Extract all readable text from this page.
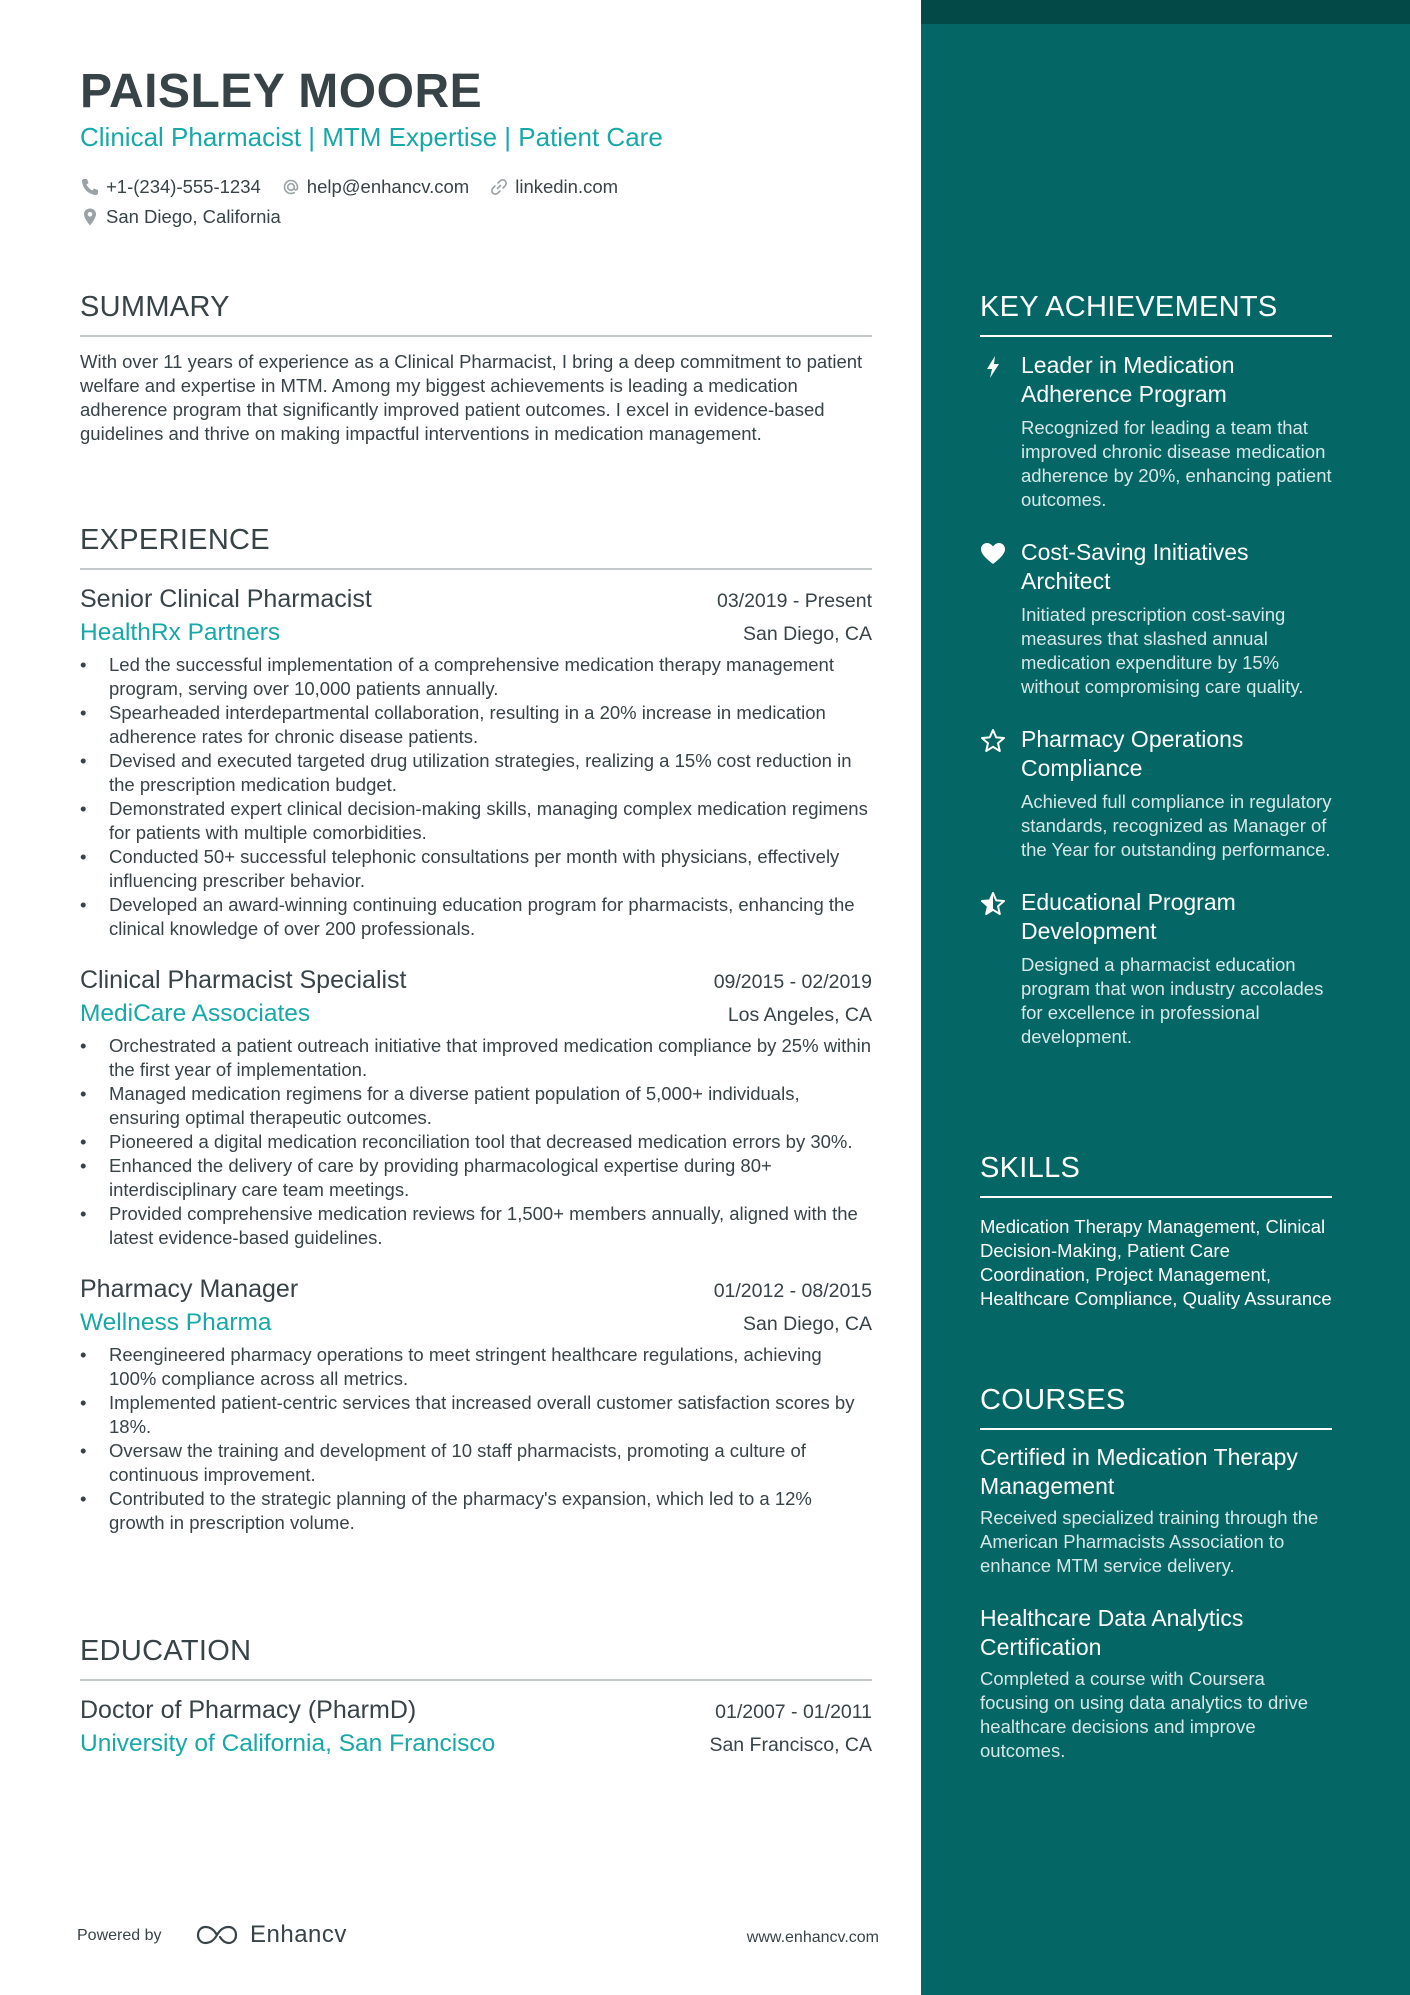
KEY ACHIEVEMENTS
Leader in Medication Adherence Program
Recognized for leading a team that improved chronic disease medication adherence by 20%, enhancing patient outcomes.
Cost-Saving Initiatives Architect
Initiated prescription cost-saving measures that slashed annual medication expenditure by 15% without compromising care quality.
Pharmacy Operations Compliance
Achieved full compliance in regulatory standards, recognized as Manager of the Year for outstanding performance.
Educational Program Development
Designed a pharmacist education program that won industry accolades for excellence in professional development.
SKILLS
Medication Therapy Management, Clinical Decision-Making, Patient Care Coordination, Project Management, Healthcare Compliance, Quality Assurance
COURSES
Certified in Medication Therapy Management
Received specialized training through the American Pharmacists Association to enhance MTM service delivery.
Healthcare Data Analytics Certification
Completed a course with Coursera focusing on using data analytics to drive healthcare decisions and improve outcomes.
PAISLEY MOORE
Clinical Pharmacist | MTM Expertise | Patient Care
+1-(234)-555-1234 help@enhancv.com linkedin.com
San Diego, California
SUMMARY
With over 11 years of experience as a Clinical Pharmacist, I bring a deep commitment to patient welfare and expertise in MTM. Among my biggest achievements is leading a medication adherence program that significantly improved patient outcomes. I excel in evidence-based guidelines and thrive on making impactful interventions in medication management.
EXPERIENCE
Senior Clinical Pharmacist	03/2019 - Present
HealthRx Partners	San Diego, CA
• Led the successful implementation of a comprehensive medication therapy management program, serving over 10,000 patients annually.
• Spearheaded interdepartmental collaboration, resulting in a 20% increase in medication adherence rates for chronic disease patients.
• Devised and executed targeted drug utilization strategies, realizing a 15% cost reduction in the prescription medication budget.
• Demonstrated expert clinical decision-making skills, managing complex medication regimens for patients with multiple comorbidities.
• Conducted 50+ successful telephonic consultations per month with physicians, effectively influencing prescriber behavior.
• Developed an award-winning continuing education program for pharmacists, enhancing the clinical knowledge of over 200 professionals.
Clinical Pharmacist Specialist	09/2015 - 02/2019
MediCare Associates	Los Angeles, CA
• Orchestrated a patient outreach initiative that improved medication compliance by 25% within the first year of implementation.
• Managed medication regimens for a diverse patient population of 5,000+ individuals, ensuring optimal therapeutic outcomes.
• Pioneered a digital medication reconciliation tool that decreased medication errors by 30%.
• Enhanced the delivery of care by providing pharmacological expertise during 80+ interdisciplinary care team meetings.
• Provided comprehensive medication reviews for 1,500+ members annually, aligned with the latest evidence-based guidelines.
Pharmacy Manager	01/2012 - 08/2015
Wellness Pharma	San Diego, CA
• Reengineered pharmacy operations to meet stringent healthcare regulations, achieving 100% compliance across all metrics.
• Implemented patient-centric services that increased overall customer satisfaction scores by 18%.
• Oversaw the training and development of 10 staff pharmacists, promoting a culture of continuous improvement.
• Contributed to the strategic planning of the pharmacy's expansion, which led to a 12% growth in prescription volume.
EDUCATION
Doctor of Pharmacy (PharmD)	01/2007 - 01/2011
University of California, San Francisco	San Francisco, CA
Powered by	Enhancv	www.enhancv.com
